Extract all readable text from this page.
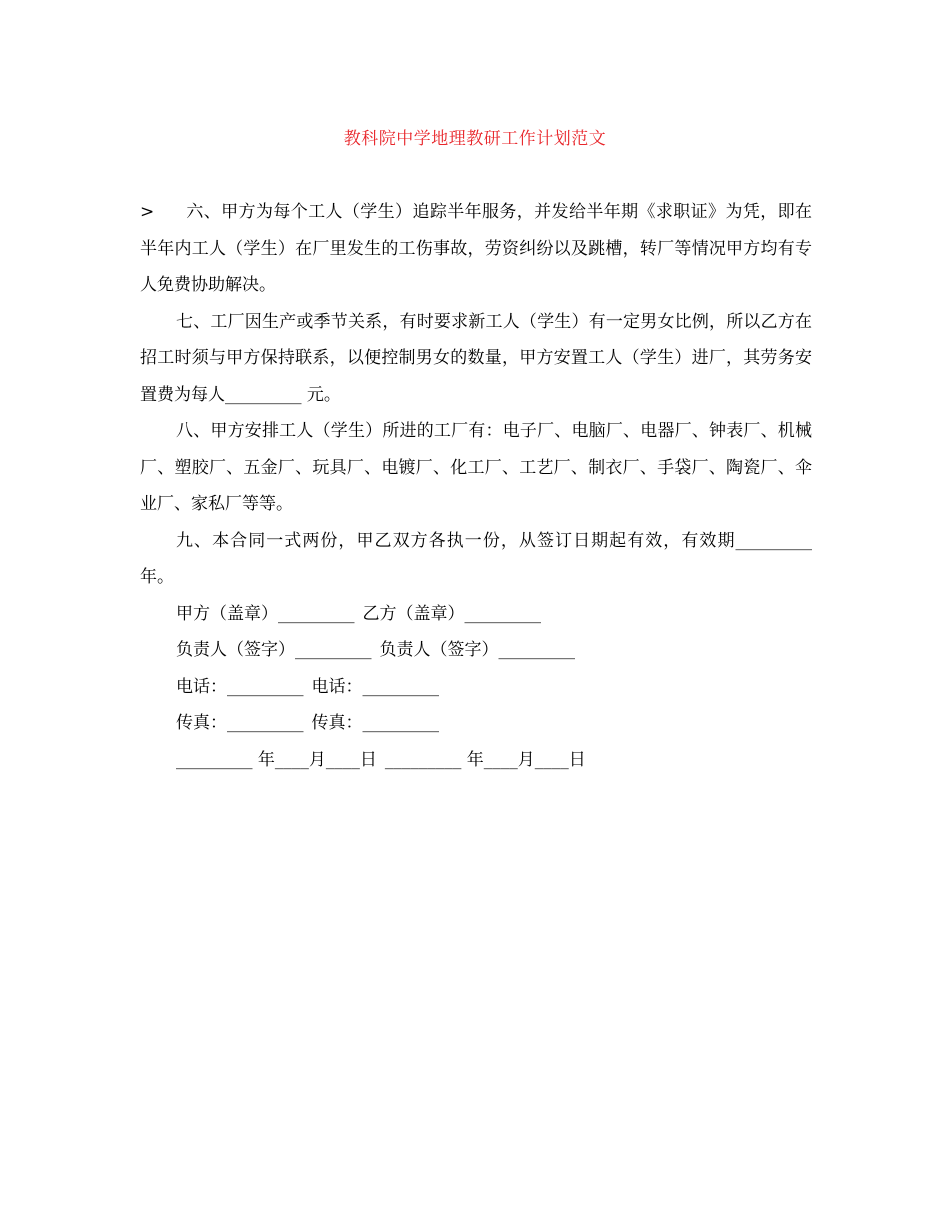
教科院中学地理教研工作计划范文

> 六、甲方为每个工人（学生）追踪半年服务，并发给半年期《求职证》为凭，即在半年内工人（学生）在厂里发生的工伤事故，劳资纠纷以及跳槽，转厂等情况甲方均有专人免费协助解决。

七、工厂因生产或季节关系，有时要求新工人（学生）有一定男女比例，所以乙方在招工时须与甲方保持联系，以便控制男女的数量，甲方安置工人（学生）进厂，其劳务安置费为每人_________ 元。

八、甲方安排工人（学生）所进的工厂有：电子厂、电脑厂、电器厂、钟表厂、机械厂、塑胶厂、五金厂、玩具厂、电镀厂、化工厂、工艺厂、制衣厂、手袋厂、陶瓷厂、伞业厂、家私厂等等。

九、本合同一式两份，甲乙双方各执一份，从签订日期起有效，有效期_________ 年。

甲方（盖章）_________ 乙方（盖章）_________

负责人（签字）_________ 负责人（签字）_________

电话：_________ 电话：_________

传真：_________ 传真：_________

_________ 年____月____日 _________ 年____月____日
